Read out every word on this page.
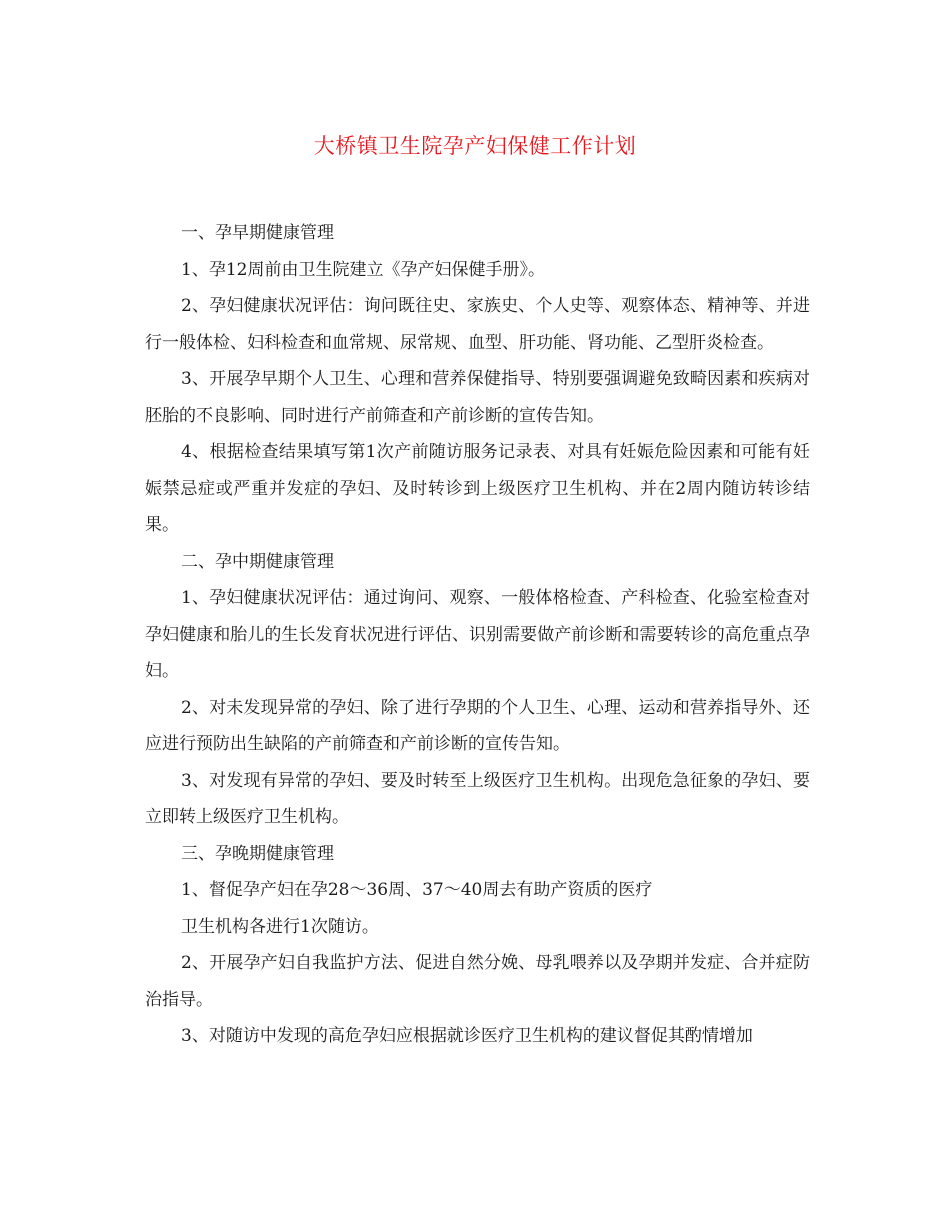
大桥镇卫生院孕产妇保健工作计划

一、孕早期健康管理

1、孕12周前由卫生院建立《孕产妇保健手册》。

2、孕妇健康状况评估：询问既往史、家族史、个人史等、观察体态、精神等、并进行一般体检、妇科检查和血常规、尿常规、血型、肝功能、肾功能、乙型肝炎检查。

3、开展孕早期个人卫生、心理和营养保健指导、特别要强调避免致畸因素和疾病对胚胎的不良影响、同时进行产前筛查和产前诊断的宣传告知。

4、根据检查结果填写第1次产前随访服务记录表、对具有妊娠危险因素和可能有妊娠禁忌症或严重并发症的孕妇、及时转诊到上级医疗卫生机构、并在2周内随访转诊结果。

二、孕中期健康管理

1、孕妇健康状况评估：通过询问、观察、一般体格检查、产科检查、化验室检查对孕妇健康和胎儿的生长发育状况进行评估、识别需要做产前诊断和需要转诊的高危重点孕妇。

2、对未发现异常的孕妇、除了进行孕期的个人卫生、心理、运动和营养指导外、还应进行预防出生缺陷的产前筛查和产前诊断的宣传告知。

3、对发现有异常的孕妇、要及时转至上级医疗卫生机构。出现危急征象的孕妇、要立即转上级医疗卫生机构。

三、孕晚期健康管理

1、督促孕产妇在孕28～36周、37～40周去有助产资质的医疗

卫生机构各进行1次随访。

2、开展孕产妇自我监护方法、促进自然分娩、母乳喂养以及孕期并发症、合并症防治指导。

3、对随访中发现的高危孕妇应根据就诊医疗卫生机构的建议督促其酌情增加
